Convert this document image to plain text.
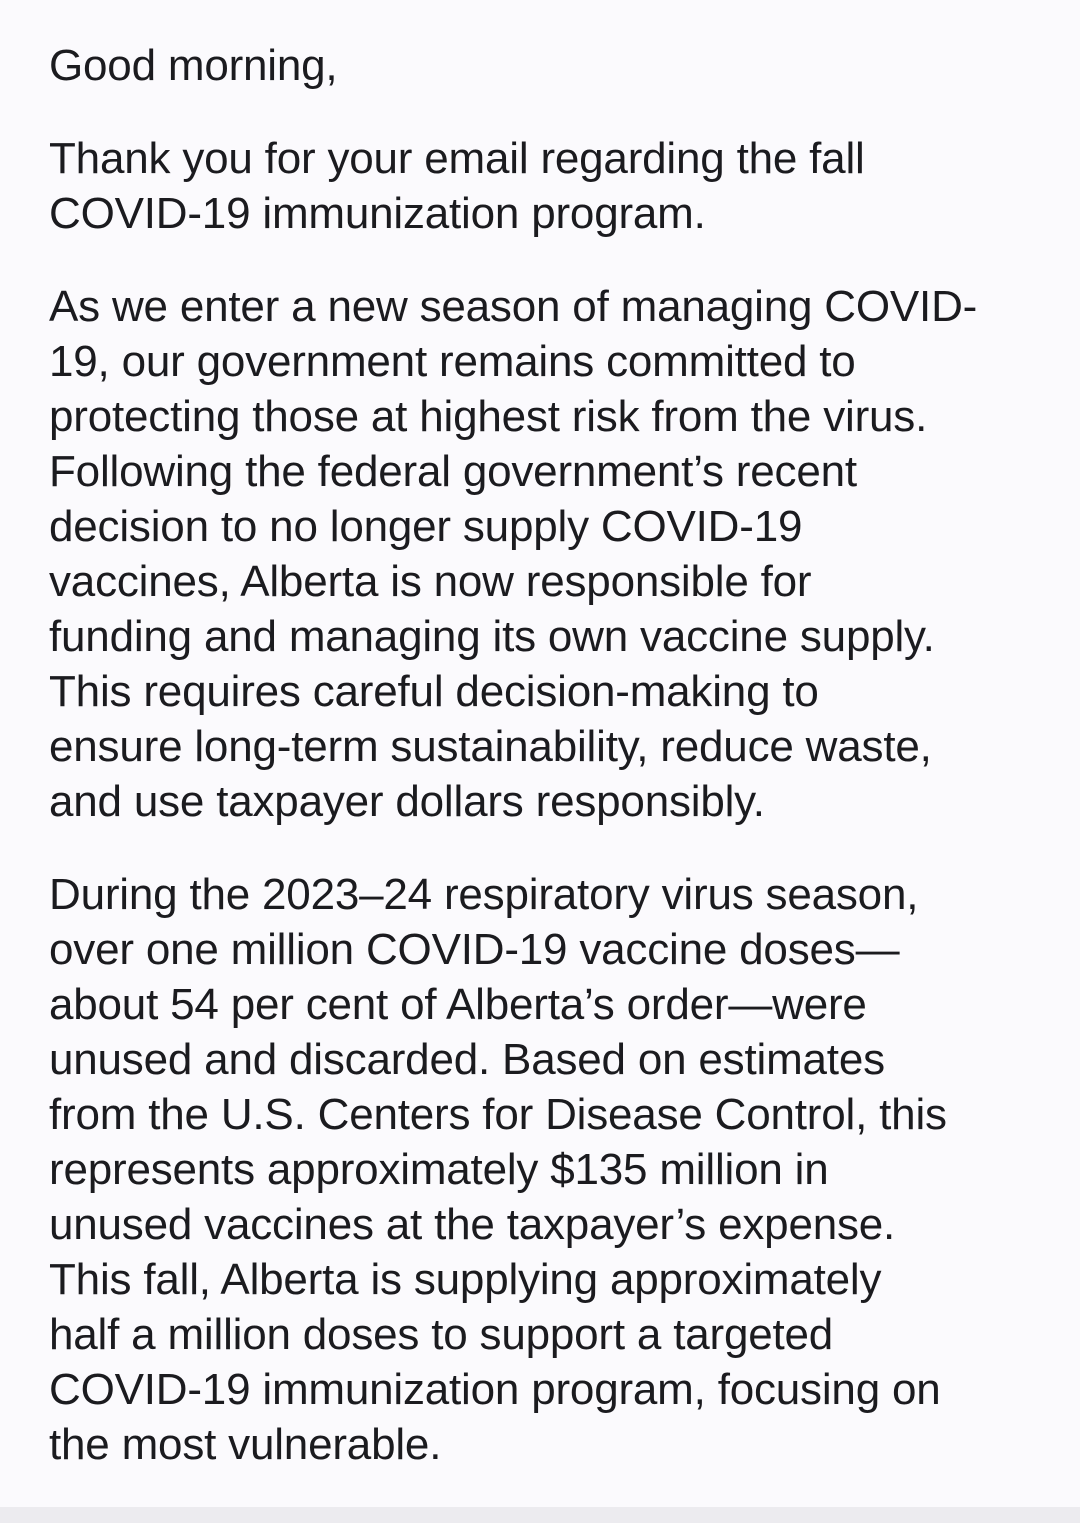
Good morning,

Thank you for your email regarding the fall
COVID-19 immunization program.

As we enter a new season of managing COVID-
19, our government remains committed to
protecting those at highest risk from the virus.
Following the federal government’s recent
decision to no longer supply COVID-19
vaccines, Alberta is now responsible for
funding and managing its own vaccine supply.
This requires careful decision-making to
ensure long-term sustainability, reduce waste,
and use taxpayer dollars responsibly.

During the 2023–24 respiratory virus season,
over one million COVID-19 vaccine doses—
about 54 per cent of Alberta’s order—were
unused and discarded. Based on estimates
from the U.S. Centers for Disease Control, this
represents approximately $135 million in
unused vaccines at the taxpayer’s expense.
This fall, Alberta is supplying approximately
half a million doses to support a targeted
COVID-19 immunization program, focusing on
the most vulnerable.
